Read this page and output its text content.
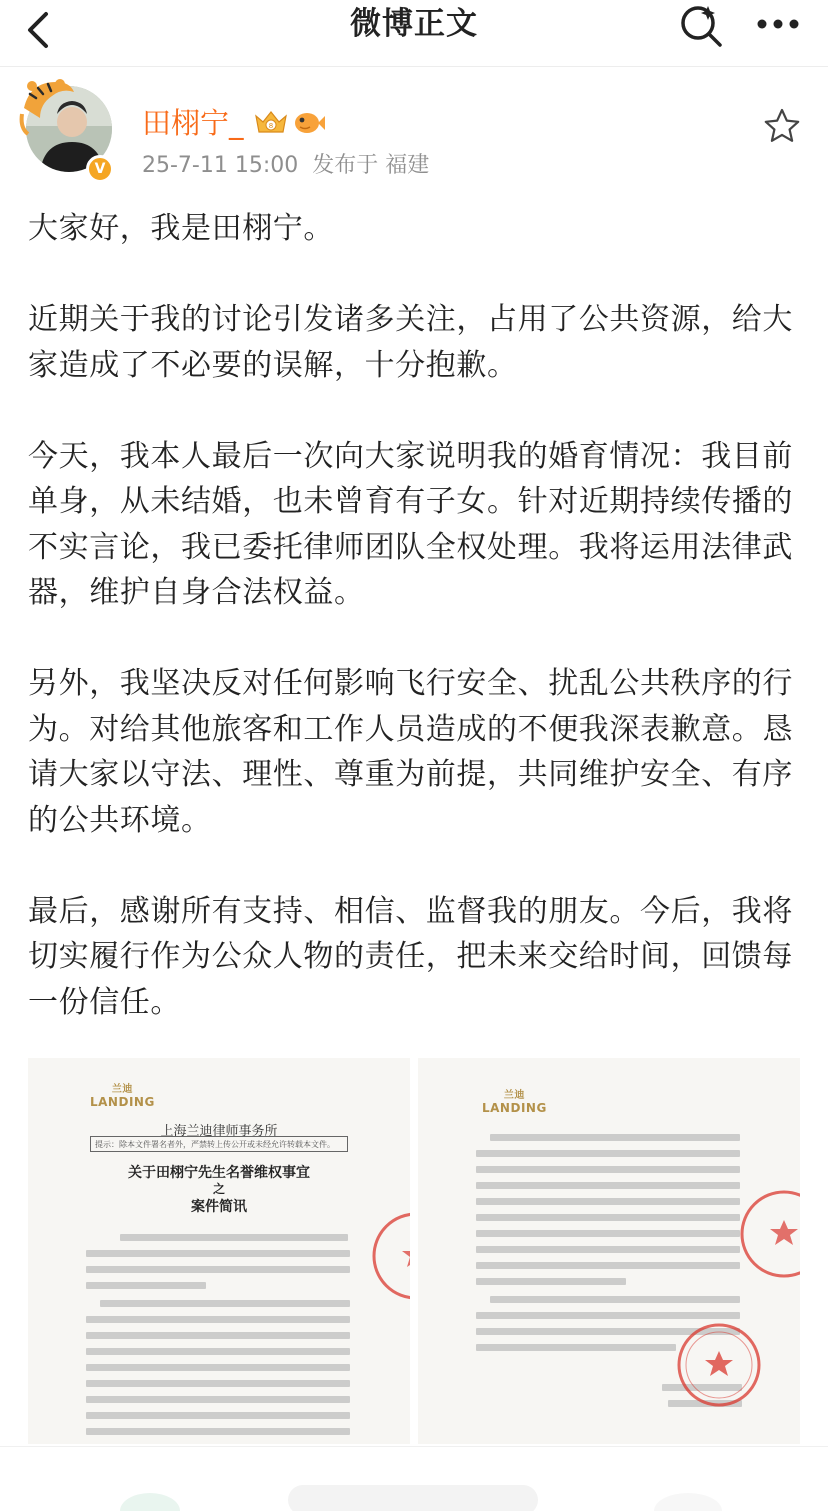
微博正文
V
田栩宁_	8
25-7-11 15:00 发布于 福建

大家好，我是田栩宁。

近期关于我的讨论引发诸多关注，占用了公共资源，给大家造成了不必要的误解，十分抱歉。

今天，我本人最后一次向大家说明我的婚育情况：我目前单身，从未结婚，也未曾育有子女。针对近期持续传播的不实言论，我已委托律师团队全权处理。我将运用法律武器，维护自身合法权益。

另外，我坚决反对任何影响飞行安全、扰乱公共秩序的行为。对给其他旅客和工作人员造成的不便我深表歉意。恳请大家以守法、理性、尊重为前提，共同维护安全、有序的公共环境。

最后，感谢所有支持、相信、监督我的朋友。今后，我将切实履行作为公众人物的责任，把未来交给时间，回馈每一份信任。

兰迪
LANDING
上海兰迪律师事务所
提示：除本文件署名者外，严禁转上传公开或未经允许转载本文件。
关于田栩宁先生名誉维权事宜
之
案件简讯
兰迪
LANDING
